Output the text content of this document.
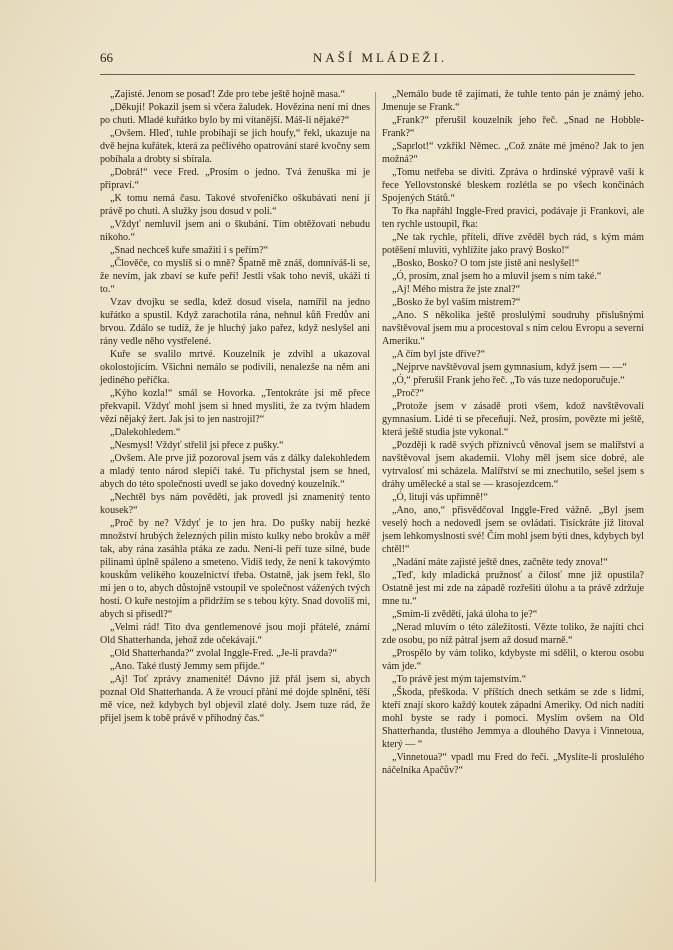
66	NAŠÍ MLÁDEŽI.

„Zajisté. Jenom se posaď! Zde pro tebe ještě hojně masa.“

„Děkuji! Pokazil jsem si včera žaludek. Hovězina není mi dnes po chuti. Mladé kuřátko bylo by mi vítanější. Máš-li nějaké?“

„Ovšem. Hleď, tuhle probíhají se jich houfy,“ řekl, ukazuje na dvě hejna kuřátek, která za pečlivého opatrování staré kvočny sem pobíhala a drobty si sbírala.

„Dobrá!“ vece Fred. „Prosím o jedno. Tvá ženuška mi je připraví.“

„K tomu nemá času. Takové stvořeníčko oškubávati není jí právě po chuti. A služky jsou dosud v poli.“

„Vždyť nemluvil jsem ani o škubání. Tím obtěžovati nebudu nikoho.“

„Snad nechceš kuře smažiti i s peřím?“

„Člověče, co myslíš si o mně? Špatně mě znáš, domníváš-li se, že nevím, jak zbaví se kuře peří! Jestli však toho nevíš, ukáži ti to.“

Vzav dvojku se sedla, kdež dosud visela, namířil na jedno kuřátko a spustil. Když zarachotila rána, nehnul kůň Fredův ani brvou. Zdálo se tudíž, že je hluchý jako pařez, když neslyšel ani rány vedle něho vystřelené.

Kuře se svalilo mrtvé. Kouzelník je zdvihl a ukazoval okolostojícím. Všichni nemálo se podivili, nenalezše na něm ani jediného peříčka.

„Kýho kozla!“ smál se Hovorka. „Tentokráte jsi mě přece překvapil. Vždyť mohl jsem si hned mysliti, že za tvým hladem vězí nějaký žert. Jak jsi to jen nastrojil?“

„Dalekohledem.“

„Nesmysl! Vždyť střelil jsi přece z pušky.“

„Ovšem. Ale prve již pozoroval jsem vás z dálky dalekohledem a mladý tento národ slepičí také. Tu přichystal jsem se hned, abych do této společnosti uvedl se jako dovedný kouzelník.“

„Nechtěl bys nám pověděti, jak provedl jsi znamenitý tento kousek?“

„Proč by ne? Vždyť je to jen hra. Do pušky nabij hezké množství hrubých železných pilin místo kulky nebo brokův a měř tak, aby rána zasáhla ptáka ze zadu. Není-li peří tuze silné, bude pilinami úplně spáleno a smeteno. Vidíš tedy, že není k takovýmto kouskům velikého kouzelnictví třeba. Ostatně, jak jsem řekl, šlo mi jen o to, abych důstojně vstoupil ve společnost vážených tvých hostí. O kuře nestojím a přidržím se s tebou kýty. Snad dovolíš mi, abych si přisedl?“

„Velmi rád! Tito dva gentlemenové jsou moji přátelé, známí Old Shatterhanda, jehož zde očekávají.“

„Old Shatterhanda?“ zvolal Inggle-Fred. „Je-li pravda?“

„Ano. Také tlustý Jemmy sem přijde.“

„Aj! Toť zprávy znamenité! Dávno již přál jsem si, abych poznal Old Shatterhanda. A že vroucí přání mé dojde splnění, těší mě více, než kdybych byl objevil zlaté doly. Jsem tuze rád, že přijel jsem k tobě právě v příhodný čas.“

„Nemálo bude tě zajímati, že tuhle tento pán je známý jeho. Jmenuje se Frank.“

„Frank?“ přerušil kouzelník jeho řeč. „Snad ne Hobble-Frank?“

„Saprlot!“ vzkřikl Němec. „Což znáte mé jméno? Jak to jen možná?“

„Tomu netřeba se diviti. Zpráva o hrdinské výpravě vaší k řece Yellovstonské bleskem rozlétla se po všech končinách Spojených Států.“

To řka napřáhl Inggle-Fred pravici, podávaje ji Frankovi, ale ten rychle ustoupil, řka:

„Ne tak rychle, příteli, dříve zvěděl bych rád, s kým mám potěšení mluviti, vyhlížíte jako pravý Bosko!“

„Bosko, Bosko? O tom jste jistě ani neslyšel!“

„Ó, prosím, znal jsem ho a mluvil jsem s ním také.“

„Aj! Mého mistra že jste znal?“

„Bosko že byl vaším mistrem?“

„Ano. S několika ještě proslulými soudruhy příslušnými navštěvoval jsem mu a procestoval s ním celou Evropu a severní Ameriku.“

„A čím byl jste dříve?“

„Nejprve navštěvoval jsem gymnasium, když jsem — —“

„Ó,“ přerušil Frank jeho řeč. „To vás tuze nedoporučuje.“

„Proč?“

„Protože jsem v zásadě proti všem, kdož navštěvovali gymnasium. Lidé ti se přeceňují. Než, prosím, povězte mi ještě, která ještě studia jste vykonal.“

„Později k radě svých příznivců věnoval jsem se malířství a navštěvoval jsem akademii. Vlohy měl jsem sice dobré, ale vytrvalosť mi scházela. Malířství se mi znechutilo, sešel jsem s dráhy umělecké a stal se — krasojezdcem.“

„Ó, lituji vás upřímně!“

„Ano, ano,“ přisvědčoval Inggle-Fred vážně. „Byl jsem veselý hoch a nedovedl jsem se ovládati. Tisíckráte již litoval jsem lehkomyslnosti své! Čím mohl jsem býti dnes, kdybych byl chtěl!“

„Nadání máte zajisté ještě dnes, začněte tedy znova!“

„Teď, kdy mladická pružnosť a čilosť mne již opustila? Ostatně jest mi zde na západě rozřešiti úlohu a ta právě zdržuje mne tu.“

„Smím-li zvěděti, jaká úloha to je?“

„Nerad mluvím o této záležitosti. Vězte toliko, že najíti chci zde osobu, po níž pátral jsem až dosud marně.“

„Prospělo by vám toliko, kdybyste mi sdělil, o kterou osobu vám jde.“

„To právě jest mým tajemstvím.“

„Škoda, přeškoda. V příštích dnech setkám se zde s lidmi, kteří znají skoro každý koutek západní Ameriky. Od nich nadíti mohl byste se rady i pomoci. Myslím ovšem na Old Shatterhanda, tlustého Jemmya a dlouhého Davya i Vinnetoua, který — “

„Vinnetoua?“ vpadl mu Fred do řeči. „Myslíte-li proslulého náčelníka Apačův?“
